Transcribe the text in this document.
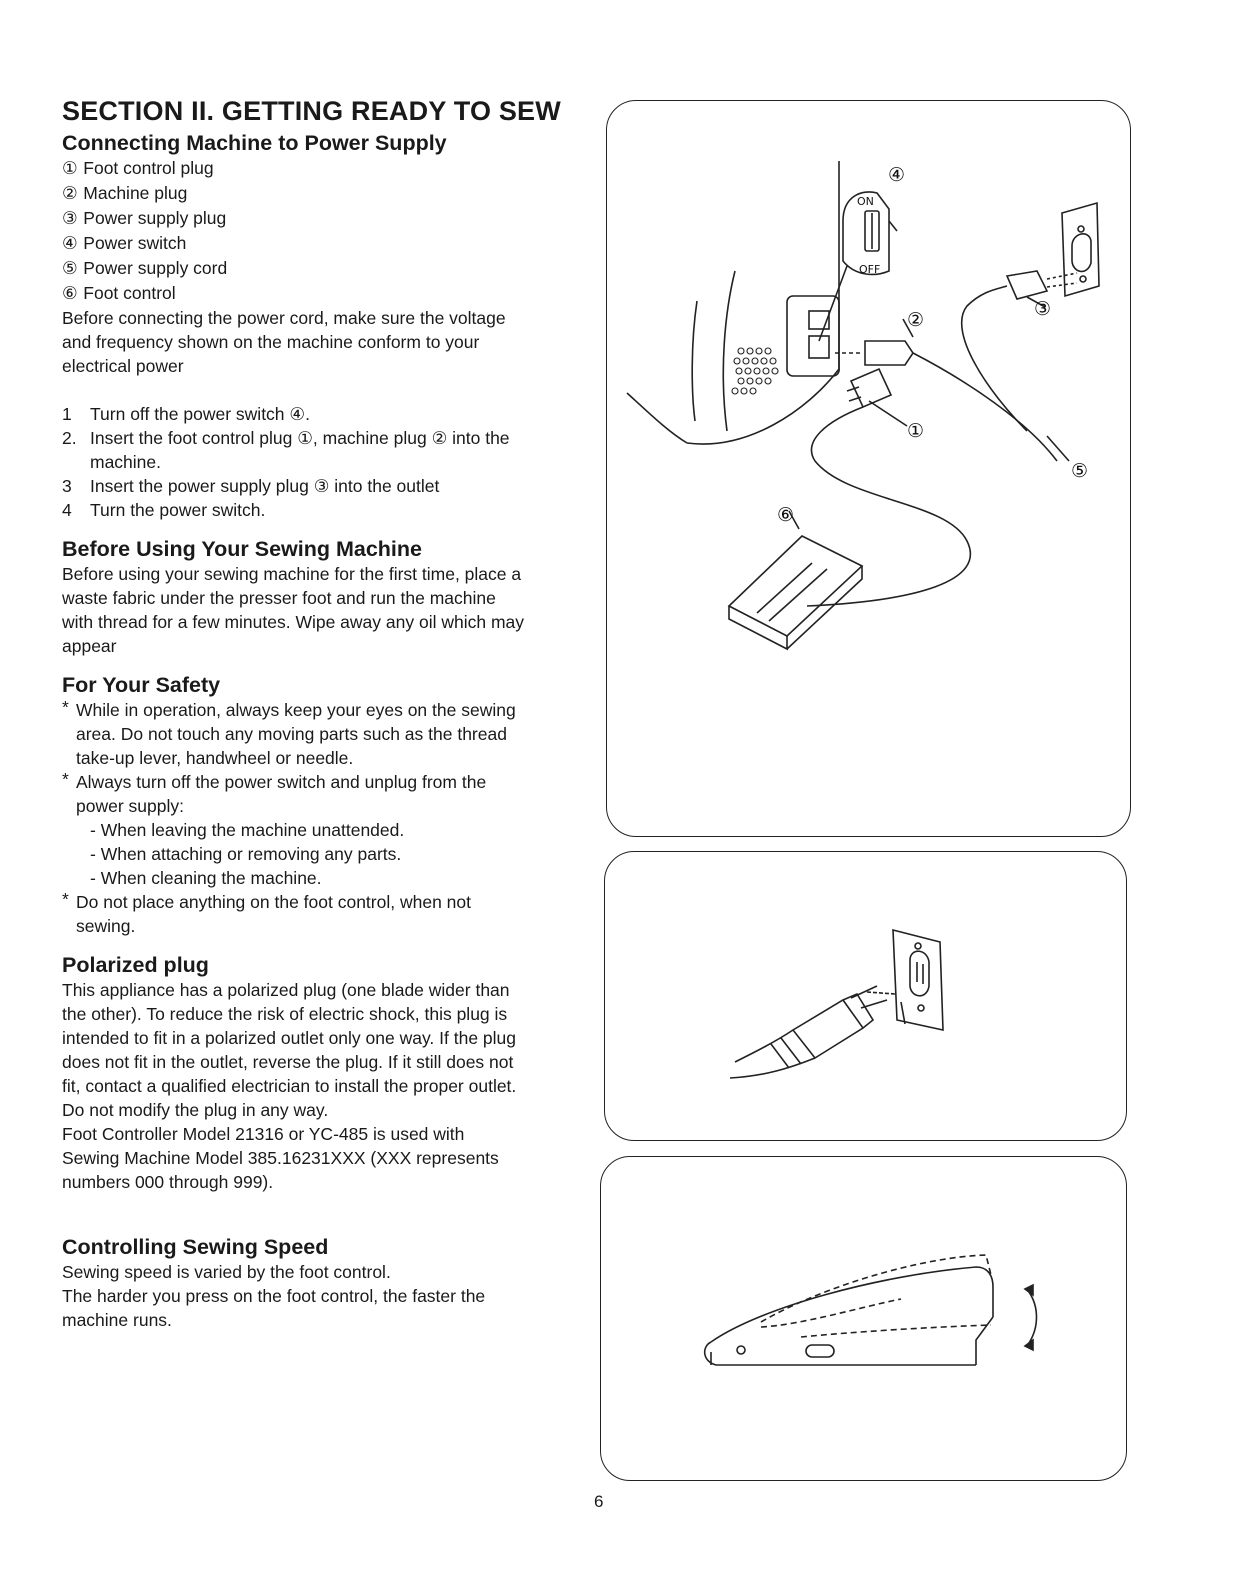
SECTION II. GETTING READY TO SEW
Connecting Machine to Power Supply
① Foot control plug
② Machine plug
③ Power supply plug
④ Power switch
⑤ Power supply cord
⑥ Foot control
Before connecting the power cord, make sure the voltage
and frequency shown on the machine conform to your
electrical power
1 Turn off the power switch ④.
2. Insert the foot control plug ①, machine plug ② into the
machine.
3 Insert the power supply plug ③ into the outlet
4 Turn the power switch.
Before Using Your Sewing Machine
Before using your sewing machine for the first time, place a
waste fabric under the presser foot and run the machine
with thread for a few minutes. Wipe away any oil which may
appear
For Your Safety
* While in operation, always keep your eyes on the sewing
area. Do not touch any moving parts such as the thread
take-up lever, handwheel or needle.
* Always turn off the power switch and unplug from the
power supply:
- When leaving the machine unattended.
- When attaching or removing any parts.
- When cleaning the machine.
* Do not place anything on the foot control, when not
sewing.
Polarized plug
This appliance has a polarized plug (one blade wider than
the other). To reduce the risk of electric shock, this plug is
intended to fit in a polarized outlet only one way. If the plug
does not fit in the outlet, reverse the plug. If it still does not
fit, contact a qualified electrician to install the proper outlet.
Do not modify the plug in any way.
Foot Controller Model 21316 or YC-485 is used with
Sewing Machine Model 385.16231XXX (XXX represents
numbers 000 through 999).
Controlling Sewing Speed
Sewing speed is varied by the foot control.
The harder you press on the foot control, the faster the
machine runs.
④
②	③
①
⑤
⑥
ON
OFF
6
